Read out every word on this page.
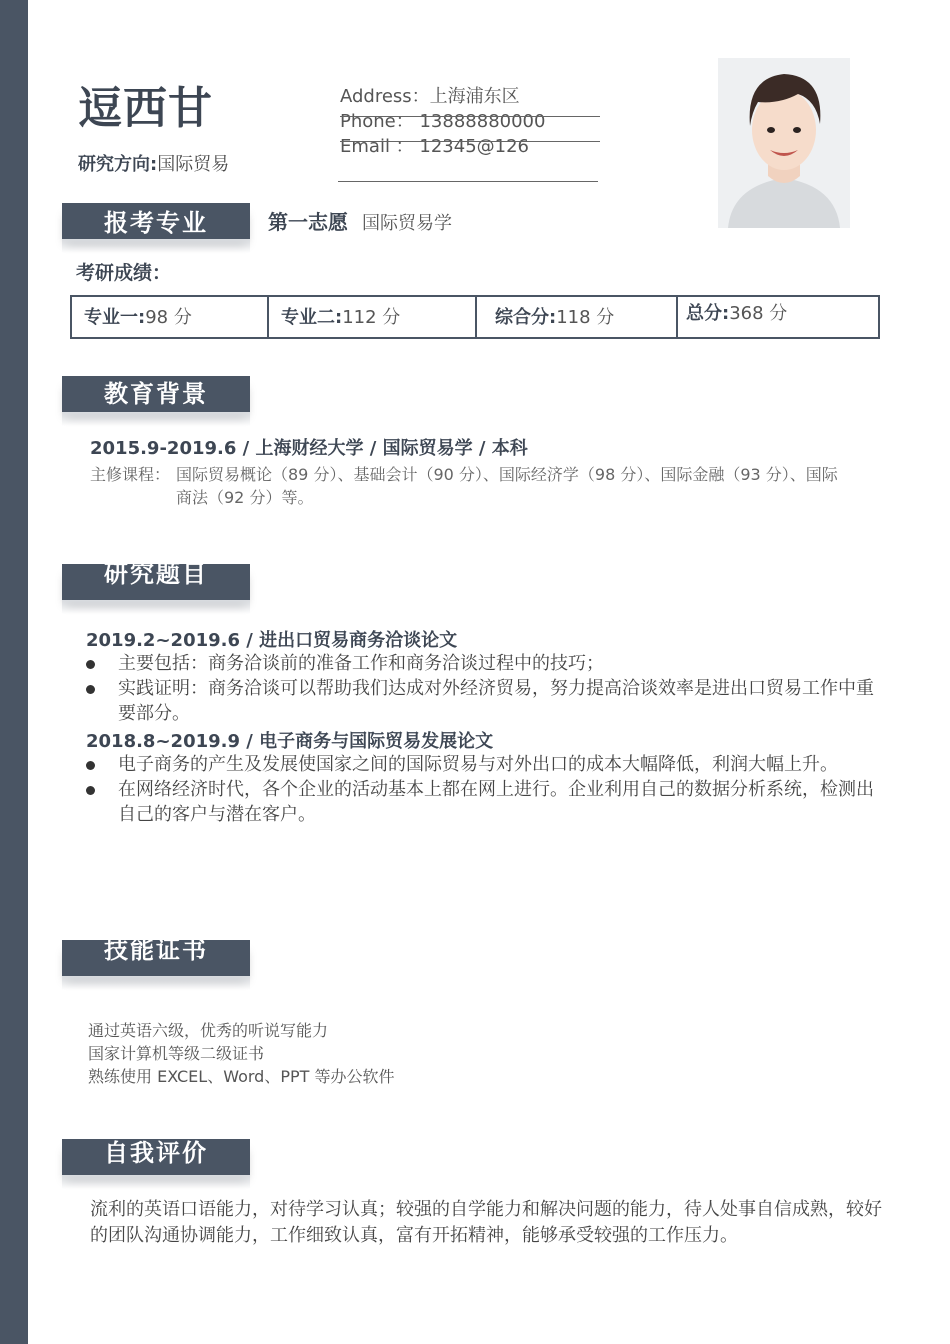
逗西甘
研究方向:国际贸易
Address：上海浦东区
Phone： 13888880000
Email ： 12345@126
报考专业	第一志愿 国际贸易学
考研成绩：
专业一:98 分	专业二:112 分	综合分:118 分	总分:368 分
教育背景
2015.9-2019.6 / 上海财经大学 / 国际贸易学 / 本科
主修课程： 国际贸易概论（89 分）、基础会计（90 分）、国际经济学（98 分）、国际金融（93 分）、国际商法（92 分）等。
研究题目
2019.2~2019.6 / 进出口贸易商务洽谈论文
主要包括：商务洽谈前的准备工作和商务洽谈过程中的技巧；
实践证明：商务洽谈可以帮助我们达成对外经济贸易，努力提高洽谈效率是进出口贸易工作中重要部分。
2018.8~2019.9 / 电子商务与国际贸易发展论文
电子商务的产生及发展使国家之间的国际贸易与对外出口的成本大幅降低，利润大幅上升。
在网络经济时代，各个企业的活动基本上都在网上进行。企业利用自己的数据分析系统，检测出自己的客户与潜在客户。
技能证书
通过英语六级，优秀的听说写能力
国家计算机等级二级证书
熟练使用 EXCEL、Word、PPT 等办公软件
自我评价
流利的英语口语能力，对待学习认真；较强的自学能力和解决问题的能力，待人处事自信成熟，较好的团队沟通协调能力，工作细致认真，富有开拓精神，能够承受较强的工作压力。
